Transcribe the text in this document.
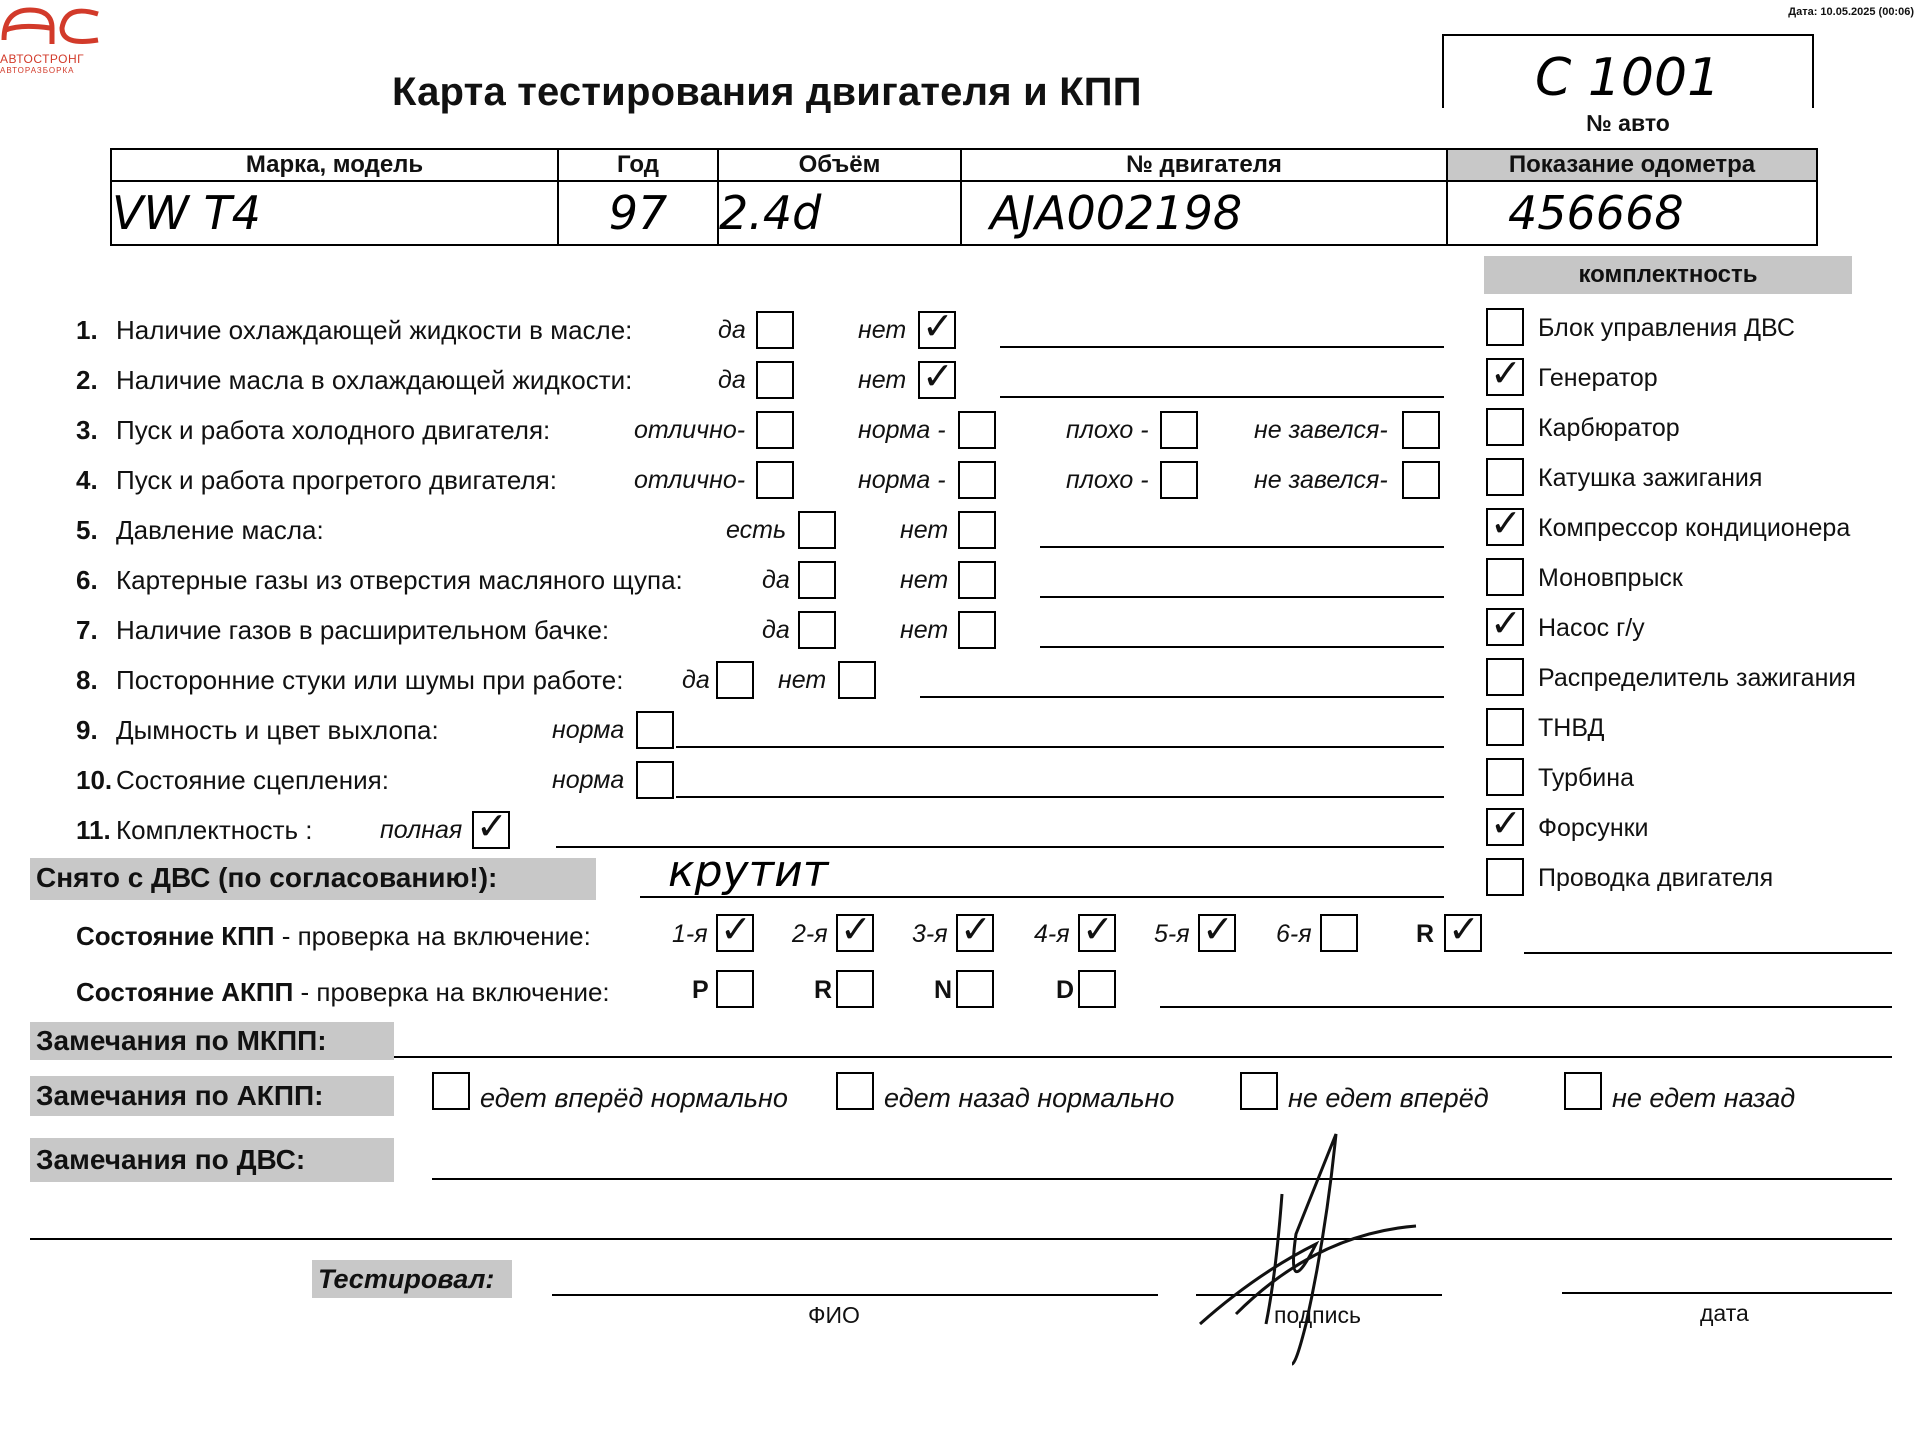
АВТОСТРОНГ
АВТОРАЗБОРКА
Дата: 10.05.2025 (00:06)
Карта тестирования двигателя и КПП	C 1001
№ авто
Марка, модель	Год	Объём	№ двигателя	Показание одометра
VW T4	97	2.4d	AJA002198	456668
комплектность
Снято с ДВС (по согласованию!):	крутит
Состояние КПП - проверка на включение:
Состояние АКПП - проверка на включение:
Замечания по МКПП:
Замечания по АКПП:
Замечания по ДВС:
Тестировал:
ФИО	подпись	дата
1. Наличие охлаждающей жидкости в масле:	да	нет ✓
2. Наличие масла в охлаждающей жидкости:	да	нет ✓
3. Пуск и работа холодного двигателя:	отлично-	норма -	плохо -	не завелся-
4. Пуск и работа прогретого двигателя:	отлично-	норма -	плохо -	не завелся-
5. Давление масла:	есть	нет
6. Картерные газы из отверстия масляного щупа:	да	нет
7. Наличие газов в расширительном бачке:	да	нет
8. Посторонние стуки или шумы при работе: да	нет
9. Дымность и цвет выхлопа:	норма
10. Состояние сцепления:	норма
11. Комплектность :	полная ✓
Блок управления ДВС
✓ Генератор
Карбюратор
Катушка зажигания
✓ Компрессор кондиционера
Моновпрыск
✓ Насос г/у
Распределитель зажигания
ТНВД
Турбина
✓ Форсунки
Проводка двигателя
1-я ✓ 2-я ✓ 3-я ✓ 4-я ✓ 5-я ✓ 6-я	R ✓
P	R	N	D
едет вперёд нормально	едет назад нормально	не едет вперёд	не едет назад
